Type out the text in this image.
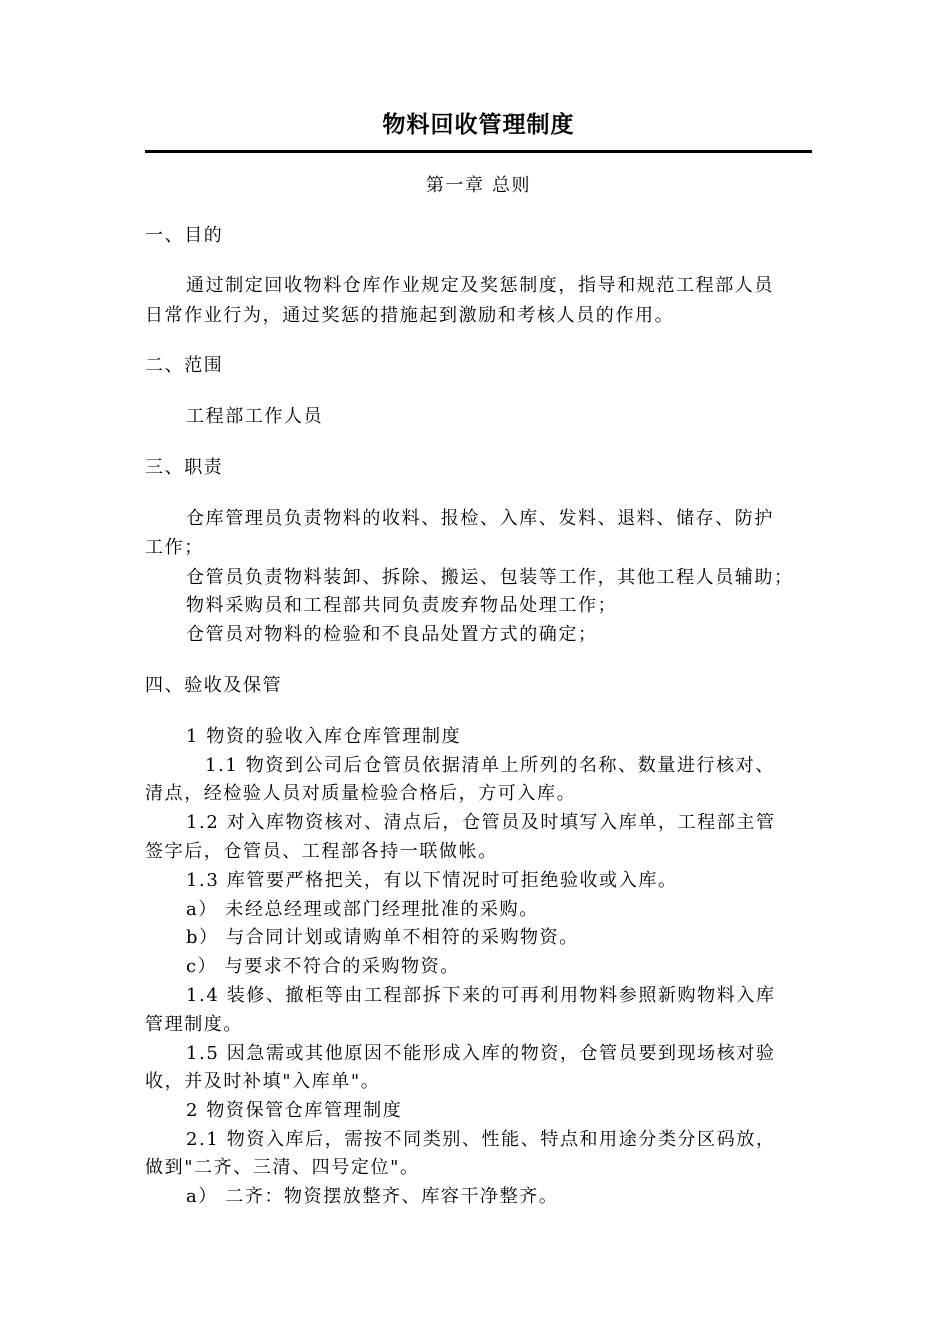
物料回收管理制度
第一章 总则
一、目的
通过制定回收物料仓库作业规定及奖惩制度，指导和规范工程部人员
日常作业行为，通过奖惩的措施起到激励和考核人员的作用。
二、范围
工程部工作人员
三、职责
仓库管理员负责物料的收料、报检、入库、发料、退料、储存、防护
工作；
仓管员负责物料装卸、拆除、搬运、包装等工作，其他工程人员辅助；
物料采购员和工程部共同负责废弃物品处理工作；
仓管员对物料的检验和不良品处置方式的确定；
四、验收及保管
1 物资的验收入库仓库管理制度
1.1 物资到公司后仓管员依据清单上所列的名称、数量进行核对、
清点，经检验人员对质量检验合格后，方可入库。
1.2 对入库物资核对、清点后，仓管员及时填写入库单，工程部主管
签字后，仓管员、工程部各持一联做帐。
1.3 库管要严格把关，有以下情况时可拒绝验收或入库。
a） 未经总经理或部门经理批准的采购。
b） 与合同计划或请购单不相符的采购物资。
c） 与要求不符合的采购物资。
1.4 装修、撤柜等由工程部拆下来的可再利用物料参照新购物料入库
管理制度。
1.5 因急需或其他原因不能形成入库的物资，仓管员要到现场核对验
收，并及时补填"入库单"。
2 物资保管仓库管理制度
2.1 物资入库后，需按不同类别、性能、特点和用途分类分区码放，
做到"二齐、三清、四号定位"。
a） 二齐：物资摆放整齐、库容干净整齐。
